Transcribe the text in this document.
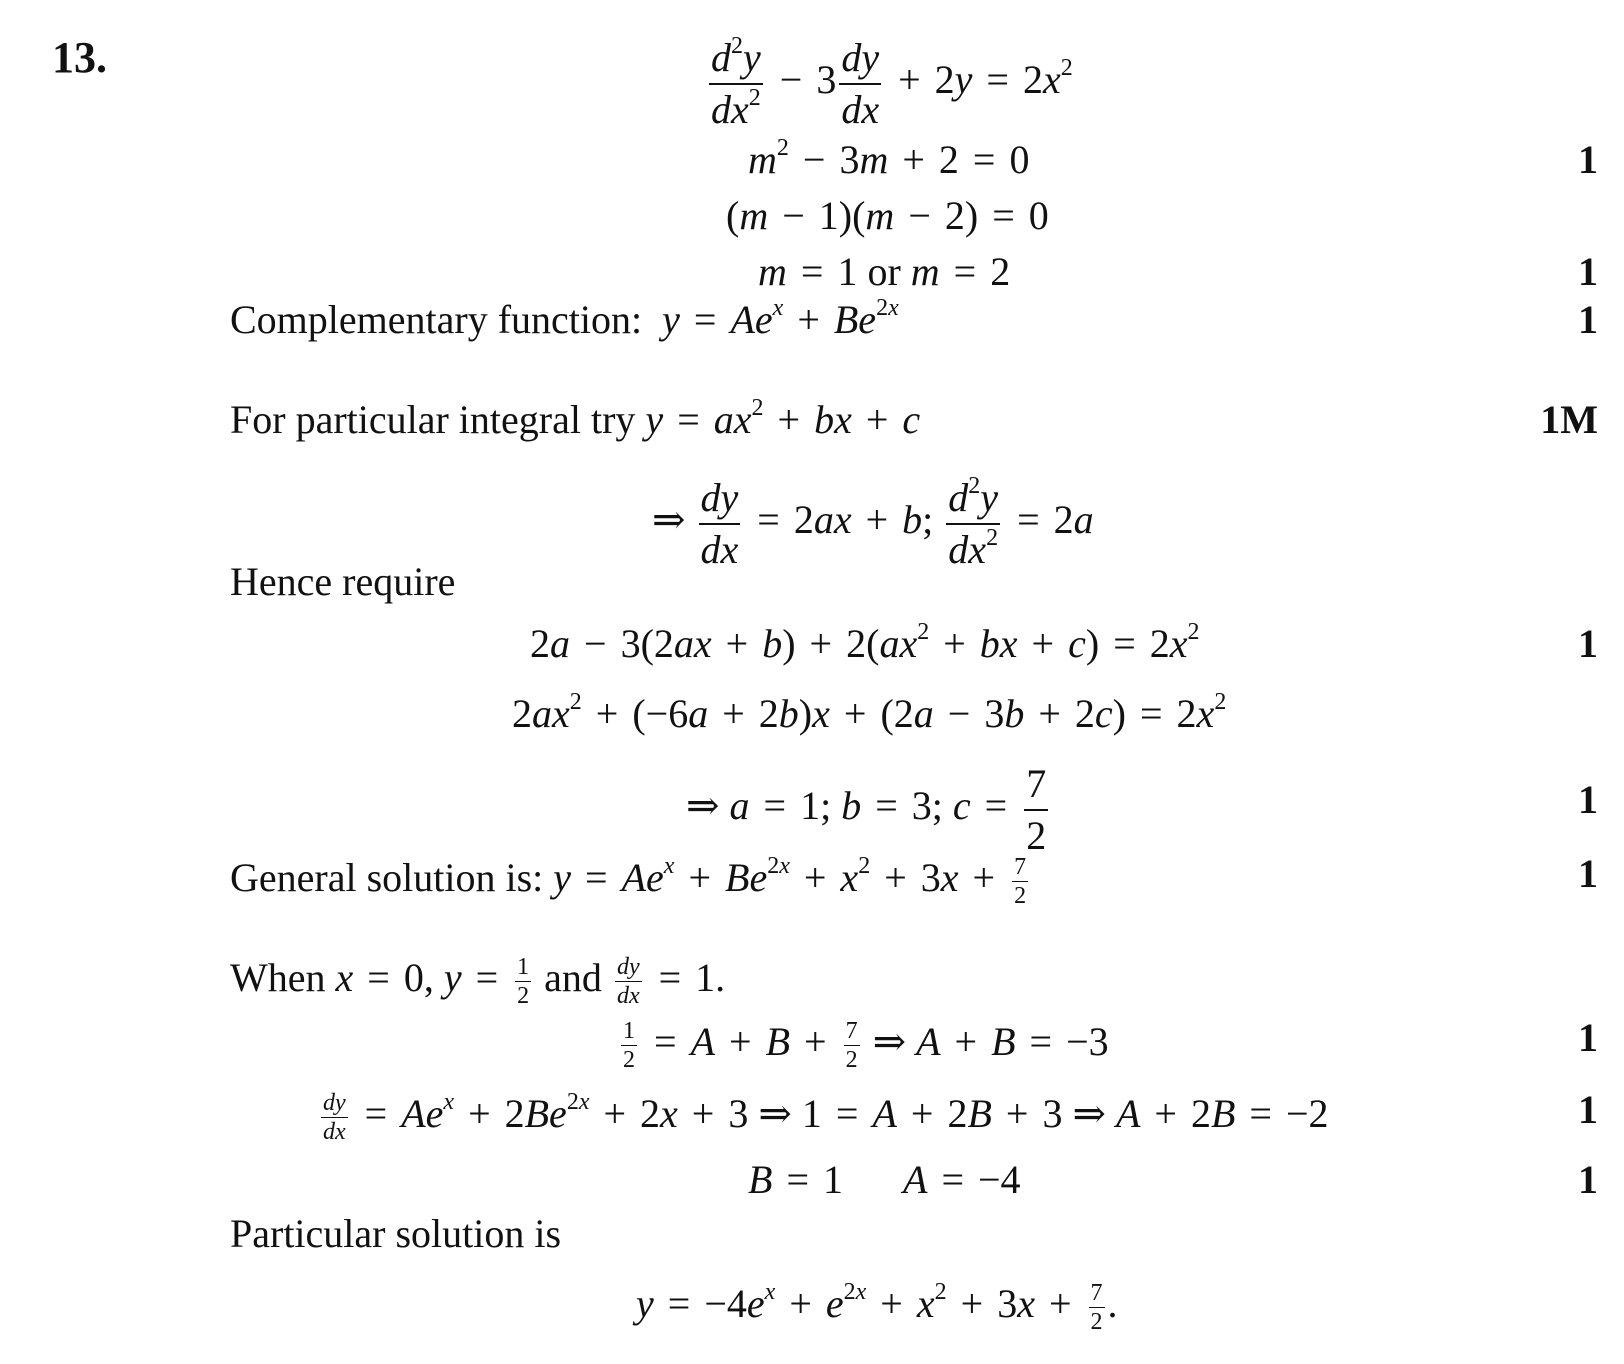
13.	$\frac{d^2y}{dx^2} - 3 \frac{dy}{dx} + 2y = 2x^2$
$m^2 - 3m + 2 = 0$	1
(m − 1)(m − 2) = 0
m = 1 or m = 2	1
Complementary function: $y = Ae^x + Be^{2x}$	1
For particular integral try $y = ax^2$ + bx + c	1M
⇒ $\frac{dy}{dx} = 2ax + b$; $\frac{d^2y}{dx^2} = 2a$
Hence require
$2a - 3(2ax + b) + 2(ax^2$ + bx + $c) = 2x^2$	1
$2ax^2 + (-6a + 2b)x + (2a - 3b + 2c) = 2x^2$
⇒ a = 1; b = 3; $c = \frac{7}{2}$	1
General solution is: $y = Ae^x + Be^{2x} + x^2 + 3x + \frac{7}{2}$	1
When x = 0, $y = \frac{1}{2}$ and $\frac{dy}{dx} = 1$.
$\frac{1}{2} = A + B + \frac{7}{2}$ ⇒ A + B = −3	1
$\frac{dy}{dx} = Ae^x + 2Be^{2x} + 2x + 3$ ⇒ 1 = A + 2B + 3 ⇒ A + 2B = −2	1
B = 1      A = −4	1
Particular solution is
$y = -4e^x + e^{2x} + x^2 + 3x + \frac{7}{2}$ .
